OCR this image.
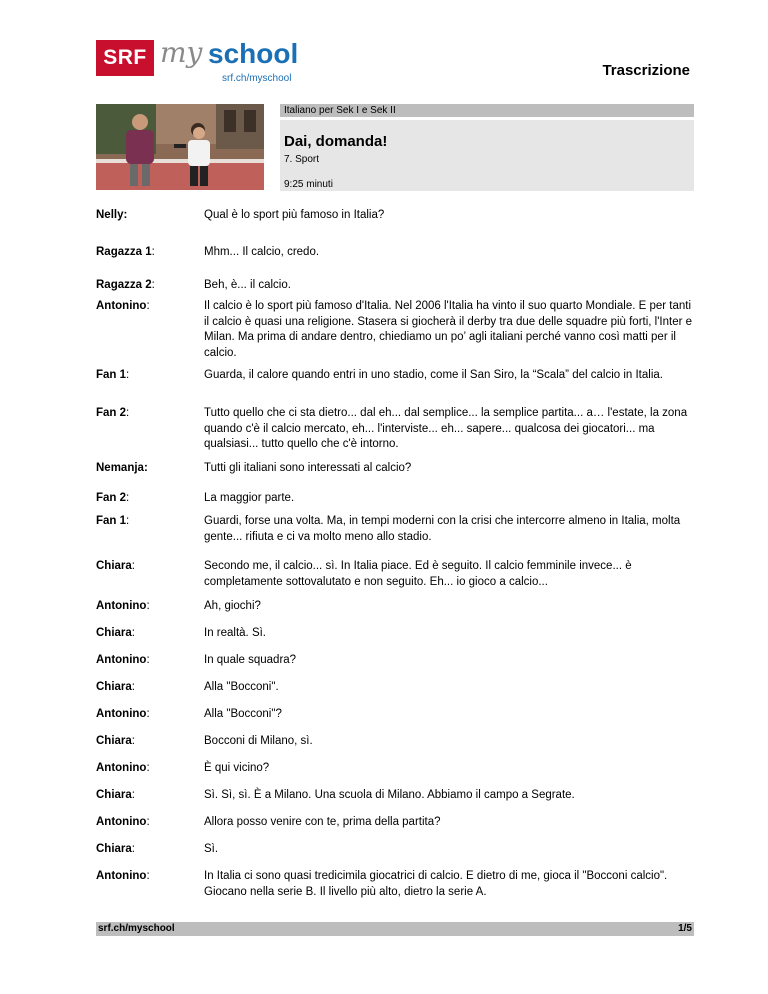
SRF my school
srf.ch/myschool	Trascrizione
Italiano per Sek I e Sek II
Dai, domanda!
7. Sport
9:25 minuti
Nelly:	Qual è lo sport più famoso in Italia?
Ragazza 1:	Mhm... Il calcio, credo.
Ragazza 2:	Beh, è... il calcio.
Antonino:	Il calcio è lo sport più famoso d'Italia. Nel 2006 l'Italia ha vinto il suo quarto Mondiale. E per tanti il calcio è quasi una religione. Stasera si giocherà il derby tra due delle squadre più forti, l'Inter e Milan. Ma prima di andare dentro, chiediamo un po’ agli italiani perché vanno così matti per il calcio.
Fan 1:	Guarda, il calore quando entri in uno stadio, come il San Siro, la “Scala” del calcio in Italia.
Fan 2:	Tutto quello che ci sta dietro... dal eh... dal semplice... la semplice partita... a… l'estate, la zona quando c'è il calcio mercato, eh... l'interviste... eh... sapere... qualcosa dei giocatori... ma qualsiasi... tutto quello che c'è intorno.
Nemanja:	Tutti gli italiani sono interessati al calcio?
Fan 2:	La maggior parte.
Fan 1:	Guardi, forse una volta. Ma, in tempi moderni con la crisi che intercorre almeno in Italia, molta gente... rifiuta e ci va molto meno allo stadio.
Chiara:	Secondo me, il calcio... sì. In Italia piace. Ed è seguito. Il calcio femminile invece... è completamente sottovalutato e non seguito. Eh... io gioco a calcio...
Antonino:	Ah, giochi?
Chiara:	In realtà. Sì.
Antonino:	In quale squadra?
Chiara:	Alla "Bocconi".
Antonino:	Alla "Bocconi"?
Chiara:	Bocconi di Milano, sì.
Antonino:	È qui vicino?
Chiara:	Sì. Sì, sì. È a Milano. Una scuola di Milano. Abbiamo il campo a Segrate.
Antonino:	Allora posso venire con te, prima della partita?
Chiara:	Sì.
Antonino:	In Italia ci sono quasi tredicimila giocatrici di calcio. E dietro di me, gioca il "Bocconi calcio". Giocano nella serie B. Il livello più alto, dietro la serie A.
srf.ch/myschool	1/5
